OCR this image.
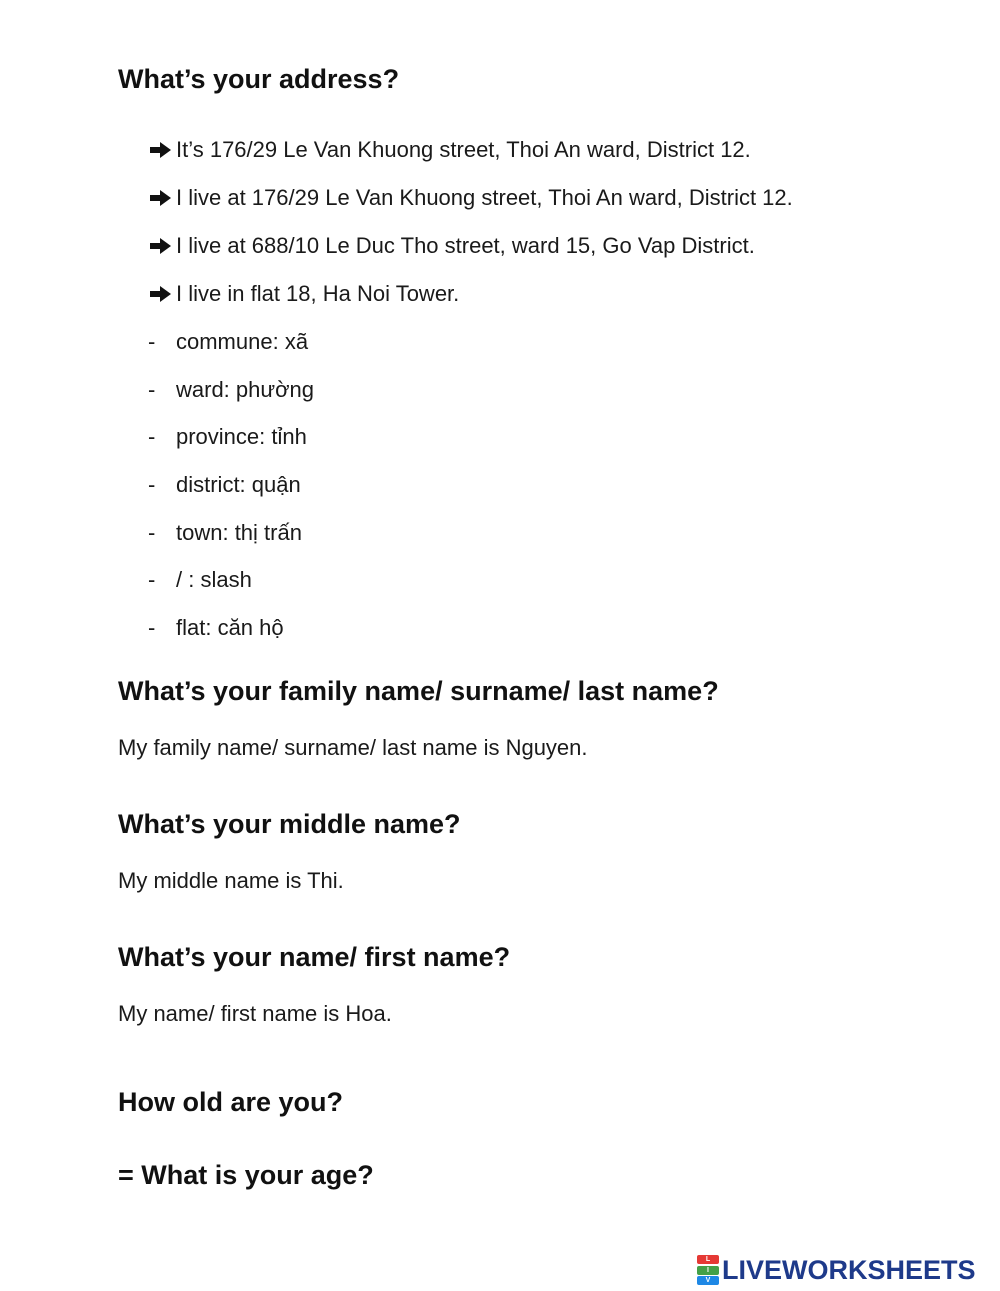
What’s your address?
It’s 176/29 Le Van Khuong street, Thoi An ward, District 12.
I live at 176/29 Le Van Khuong street, Thoi An ward, District 12.
I live at 688/10 Le Duc Tho street, ward 15, Go Vap District.
I live in flat 18, Ha Noi Tower.
- commune: xã
- ward: phường
- province: tỉnh
- district: quận
- town: thị trấn
- / : slash
- flat: căn hộ
What’s your family name/ surname/ last name?

My family name/ surname/ last name is Nguyen.

What’s your middle name?

My middle name is Thi.

What’s your name/ first name?

My name/ first name is Hoa.

How old are you?
= What is your age?
L
I
V LIVEWORKSHEETS
